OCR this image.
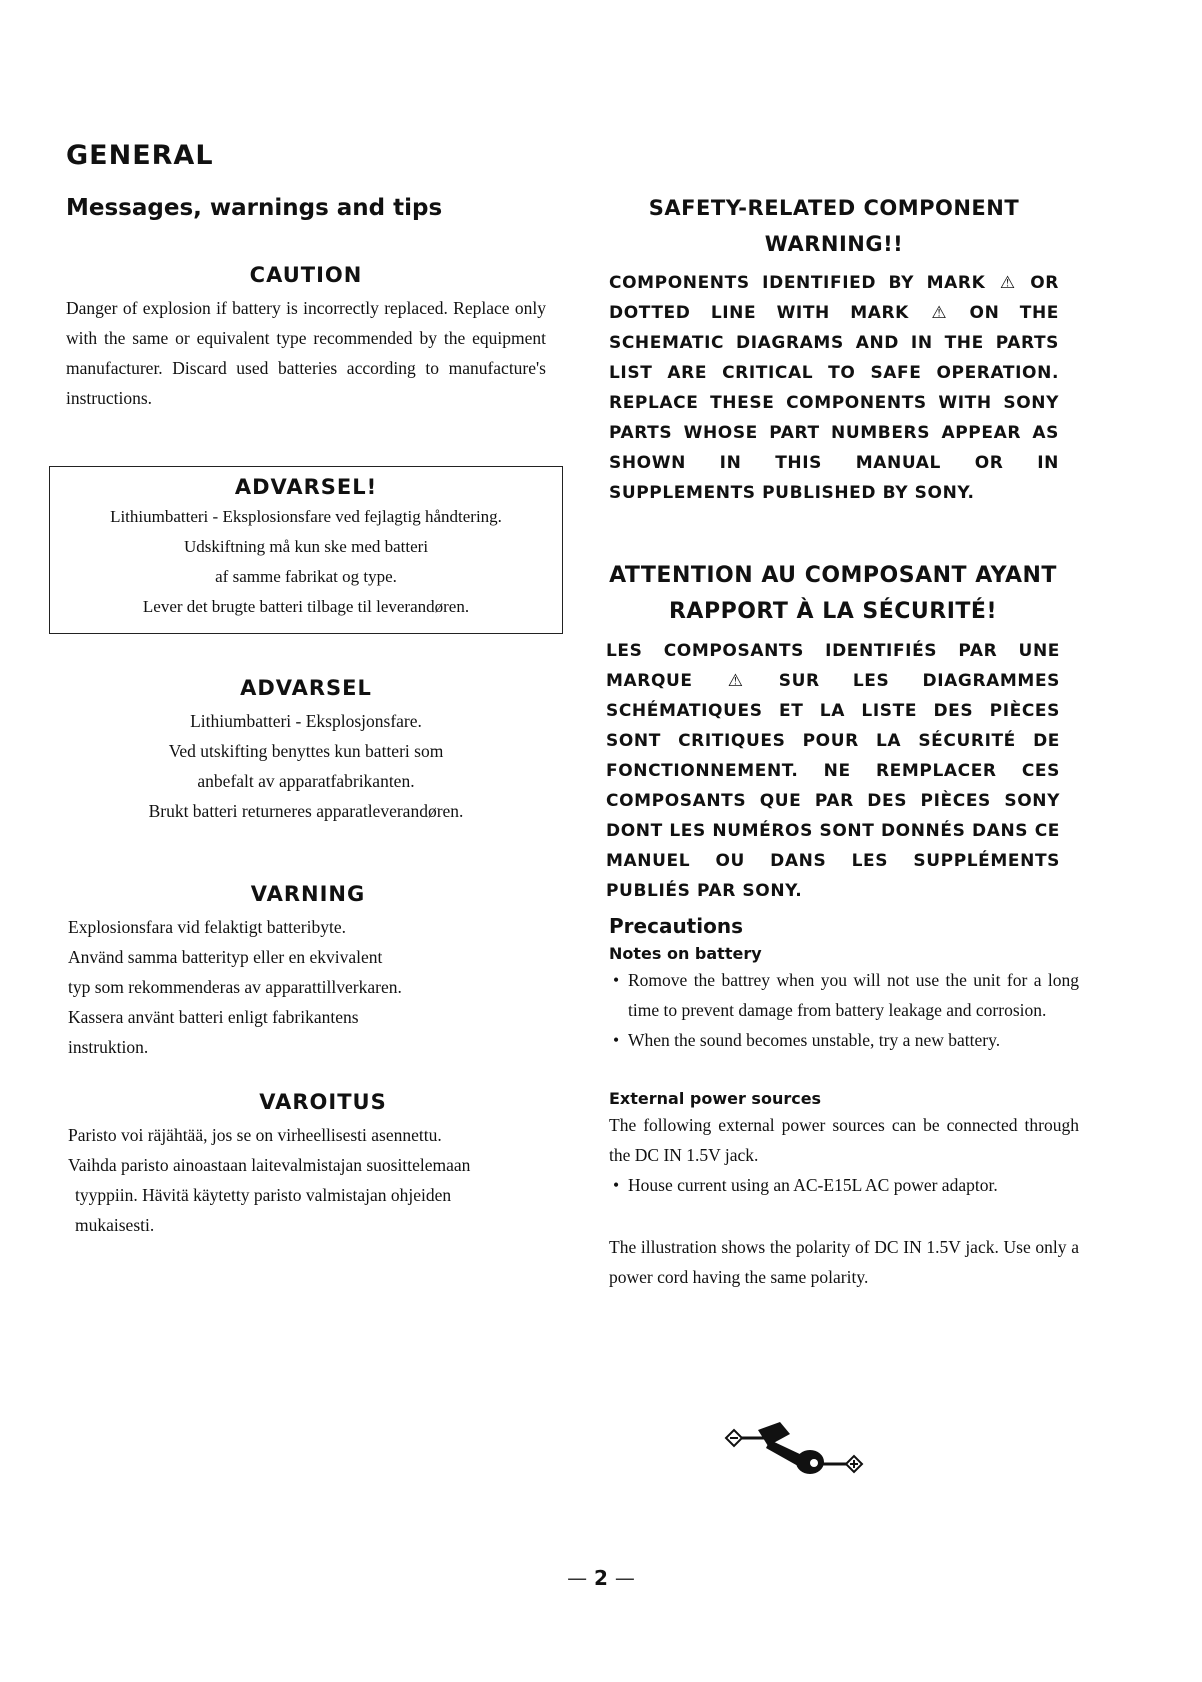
GENERAL
Messages, warnings and tips
CAUTION

Danger of explosion if battery is incorrectly replaced. Replace only with the same or equivalent type recommended by the equipment manufacturer. Discard used batteries according to manufacture's instructions.

ADVARSEL!

Lithiumbatteri - Eksplosionsfare ved fejlagtig håndtering.

Udskiftning må kun ske med batteri

af samme fabrikat og type.

Lever det brugte batteri tilbage til leverandøren.

ADVARSEL

Lithiumbatteri - Eksplosjonsfare.

Ved utskifting benyttes kun batteri som

anbefalt av apparatfabrikanten.

Brukt batteri returneres apparatleverandøren.

VARNING

Explosionsfara vid felaktigt batteribyte.

Använd samma batterityp eller en ekvivalent

typ som rekommenderas av apparattillverkaren.

Kassera använt batteri enligt fabrikantens

instruktion.

VAROITUS

Paristo voi räjähtää, jos se on virheellisesti asennettu.

Vaihda paristo ainoastaan laitevalmistajan suosittelemaan

tyyppiin. Hävitä käytetty paristo valmistajan ohjeiden

mukaisesti.

SAFETY-RELATED COMPONENT
WARNING!!

COMPONENTS IDENTIFIED BY MARK ⚠ OR DOTTED LINE WITH MARK ⚠ ON THE SCHEMATIC DIAGRAMS AND IN THE PARTS LIST ARE CRITICAL TO SAFE OPERATION. REPLACE THESE COMPONENTS WITH SONY PARTS WHOSE PART NUMBERS APPEAR AS SHOWN IN THIS MANUAL OR IN SUPPLEMENTS PUBLISHED BY SONY.

ATTENTION AU COMPOSANT AYANT
RAPPORT À LA SÉCURITÉ!

LES COMPOSANTS IDENTIFIÉS PAR UNE MARQUE ⚠ SUR LES DIAGRAMMES SCHÉMATIQUES ET LA LISTE DES PIÈCES SONT CRITIQUES POUR LA SÉCURITÉ DE FONCTIONNEMENT. NE REMPLACER CES COMPOSANTS QUE PAR DES PIÈCES SONY DONT LES NUMÉROS SONT DONNÉS DANS CE MANUEL OU DANS LES SUPPLÉMENTS PUBLIÉS PAR SONY.

Precautions
Notes on battery

• Romove the battrey when you will not use the unit for a long time to prevent damage from battery leakage and corrosion.

• When the sound becomes unstable, try a new battery.

External power sources

The following external power sources can be connected through the DC IN 1.5V jack.

• House current using an AC-E15L AC power adaptor.

The illustration shows the polarity of DC IN 1.5V jack. Use only a power cord having the same polarity.

— 2 —
